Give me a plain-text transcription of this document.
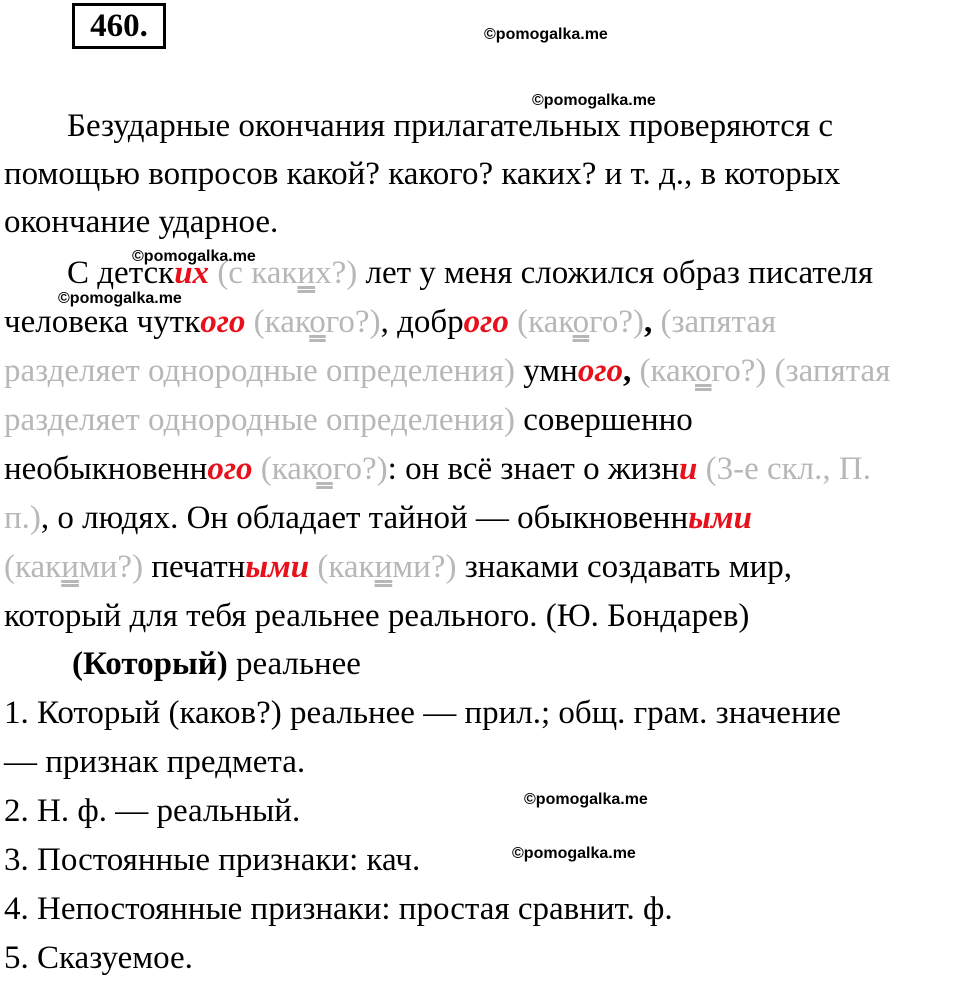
460.	©pomogalka.me
©pomogalka.me
©pomogalka.me
©pomogalka.me
©pomogalka.me
©pomogalka.me
Безударные окончания прилагательных проверяются с
помощью вопросов какой? какого? каких? и т. д., в которых
окончание ударное.
С детских (с каких?) лет у меня сложился образ писателя
человека чуткого (какого?), доброго (какого?), (запятая
разделяет однородные определения) умного, (какого?) (запятая
разделяет однородные определения) совершенно
необыкновенного (какого?): он всё знает о жизни (3-е скл., П.
п.), о людях. Он обладает тайной — обыкновенными
(какими?) печатными (какими?) знаками создавать мир,
который для тебя реальнее реального. (Ю. Бондарев)
(Который) реальнее
1. Который (каков?) реальнее — прил.; общ. грам. значение
— признак предмета.
2. Н. ф. — реальный.
3. Постоянные признаки: кач.
4. Непостоянные признаки: простая сравнит. ф.
5. Сказуемое.
